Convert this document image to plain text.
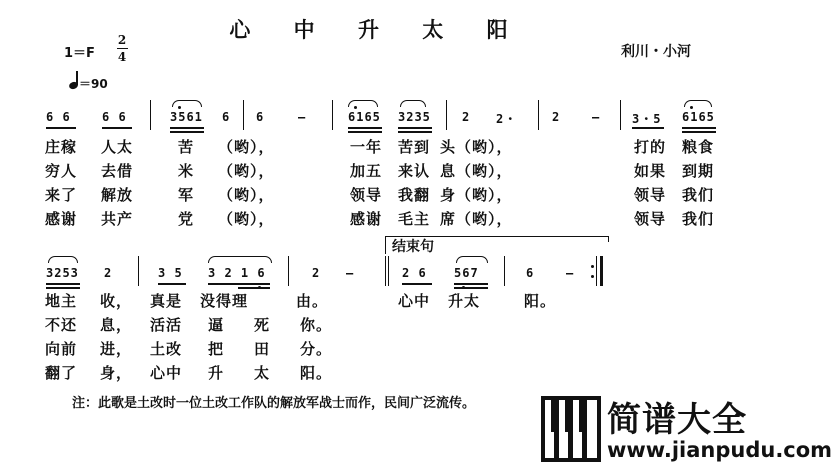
心 中 升 太 阳
1＝F
2
4	利川・小河
＝90
6 6	6 6	3561 6 6	—	6165 3235	2 2・	2	—	3・5 6165
庄稼 人太	苦 （哟），	一年 苦到 头（哟），	打的 粮食
穷人 去借	米 （哟），	加五 来认 息（哟），	如果 到期
来了 解放	军 （哟），	领导 我翻 身（哟），	领导 我们
感谢 共产	党 （哟），	感谢 毛主 席（哟），	领导 我们
结束句
3253 2	3 5 3 2 1 6	2 —	2 6 567	6	—
地主 收， 真是 没得理	由。	心中 升太	阳。
不还 息， 活活 逼 死 你。
向前 进， 土改 把 田 分。
翻了 身， 心中 升 太 阳。
注：此歌是土改时一位土改工作队的解放军战士而作，民间广泛流传。	简谱大全
www.jianpudu.com
